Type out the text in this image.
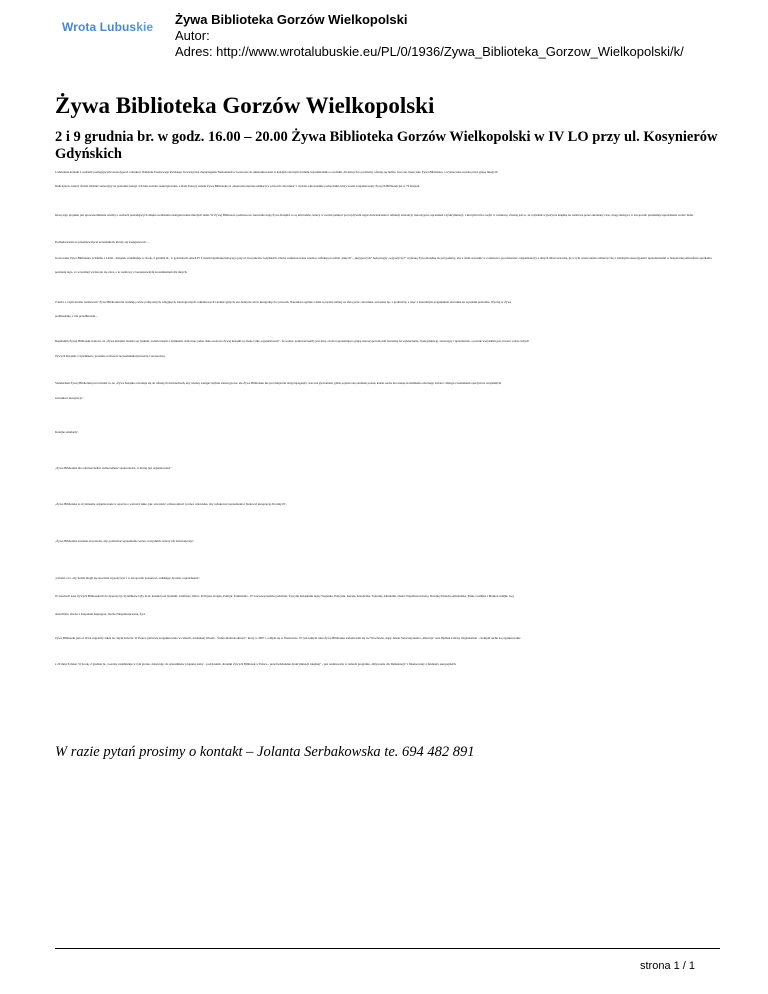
Wrota Lubuskie	Żywa Biblioteka Gorzów Wielkopolski
Autor:
Adres: http://www.wrotalubuskie.eu/PL/0/1936/Zywa_Biblioteka_Gorzow_Wielkopolski/k/
Żywa Biblioteka Gorzów Wielkopolski
2 i 9 grudnia br. w godz. 16.00 – 20.00 Żywa Biblioteka Gorzów Wielkopolski w IV LO przy ul. Kosynierów Gdyńskich

Codziennie kontakt z osobami podlegającymi stereotypowi członków Oddziału Terenowego Polskiego Towarzystwa Zapobiegania Narkomanii w Gorzowie do ukierunkowania w każdym obecnym formułę współdziałania z osobami, dla których to problemy oferują się ludzie. Jest one znana jako Żywa Biblioteka, a wyznaczona została przez grupę młodych

Duńczyków, którzy chcieli zmienić stereotypy na poziomie kolegi. Ich idea została zaakceptowana, a Rada Europy uznała Żywą Bibliotekę za „skuteczną metodę edukacji w prawach człowieka" i wydała odpowiednie podręczniki, który został zorganizowany Żywych Bibliotek już w 70 krajach.

Istotą tego projektu jest upowszechnianie wiedzy o osobach posiadających dzięki osobistemu zaangażowaniu młodych ludzi. W Żywej Bibliotece podstawowe znaczenie mają Żywe Książki: to są inni ludzie, którzy w swoim pamięci pod wpływem reguł doświadczenia i refleksji tolerancji, stereotypów, uprzedzeń i dyskryminacji, z którymi łatwo wejść w rozmowę. Zasadą jest to, że czytelnik wypożycza książkę na rozmowę przez określony czas, drogą dialogu i w ten sposób przełamuje uprzedzenia wobec ludzi.

Podziękowania za przedsięwzięcie uczestnikom, którzy się zaangażowali…

Gorzowska Żywa Biblioteka, ścisłemu z Ludzi - Książek, zadebiutuje w środę, 2 grudnia br., w gościnnych salach IV Liceum Ogólnokształcącego przy ul. Kosynierów Gdyńskich. Osoby zainteresowane wiedzą i refleksją na temat „innych", „nietypowych" będą mogły „wypożyczyć" wybraną Żywą Książkę na pół godziny, aby z nami uczestnić w rozmowie i porozmawiać. Organizatorzy z innych miast twierdzą, że w tym czasie można zmierzyć się z własnymi stereotypami i uprzedzeniami w bezpiecznej atmosferze spotkania.

poznanie tego, co wcześniej wydawało się obce, a te rozmowy z bezsensownym zrozumieniem dla innych.

Z kim i o czym można rozmawiać? Żywe Biblioteki nie realizują celów politycznych, religijnych, ideologicznych, reklamowych i komercyjnych, ani żadnych celów niezgodnych z prawem. Natomiast ogólnie z nimi są łączne tematy ze sferą praw człowieka, związane np. z godnością, a więc z naturalnym pragnieniem szacunku na wysokim poziomie. Wyczuj w Żywe

podniesienie, z nie przedmiotem...

Regulamin Żywej Biblioteki stanowi, że „Żywa Książka określa się tytułem, zwieńczonym z terminem, stanowiąc pełne dane osobowe Żywej Książki są znane tylko organizatorom". To ważne, ponieważ każdy jest inny, osoba reprezentująca grupę stereotypowaną lub narażoną na wykluczenie, dyskryminację, stereotypy i uprzedzenia, a przede wszystkim jest otwarta wobec innych

Żywych Książek i czytelników, powinna cechować się komunikatywnością i szczerością.

Standardem Żywej Biblioteki jest również to, że „Żywa Książka odwołuje się do własnych doświadczeń, aby wiedzą zastąpić mylnie stereotypowe, ale Żywa Biblioteka nie jest miejscem antypropagandy. Jest ona gwarantem, gdzie pojawia się zaufanie ponad, każda osoba ma szansę zrozumienia obecnego świata i dialogu z kontaktem opartym na wzajemnym

szacunku i akceptacji."

Kolejne standardy:

„Żywa Biblioteka ma odzwierciedlać różnorodność społeczności, w której jest organizowana"

„Żywa Biblioteka to wydarzenie organizowane w oparciu o wartości takie, jak: otwartość, różnorodność i prawa człowieka, aby redukować uprzedzenia i budować akceptację dla innych".

„Żywa Biblioteka zostanie otworzona, aby pozbawiać uprzedzenia wobec wszystkich, którzy ich doświadczają".

„Chodzi o to, aby ludzie mogli się naocznie wypożyczyć i w ten sposób poznawać, redukując dystans i uprzedzenia".

W zasobach nasz Żywych Bibliotekach do dyspozycji czytelników były m.in. książki pod tytułami: Grafitiarz, Kibic, Policjant, Książę, Polityk, Feministka - W Gorzowie będzie podobnie: Żywymi Książkami będą: Weganka, Policjant, Książę, Katoliczka, Tożsamy Alkoholik, Osoba Wspólnotowiczna, Dawniej Dziecko Alkoholika, Punk, Lesbijka i Matka Lesbijki, Gej,

Anarchista, Osoba z Zespołem Aspergera, Osoba Niepełnosprawna, Żyd.

Żywe Biblioteki już od 10 lat zagościły także na całym świecie. W Polsce pierwszą zorganizowano w ramach „Globalnej Wioski - Świata Różnorodności"; który w 2007 r. odbyła się w Warszawie. W tym samym roku Żywa Biblioteka zadomowiła się we Wrocławiu, dając dzieło Stowarzyszenia „Diversja" oraz Human Library Organisation - czempiń ruchu na organizowanie

z 20 innych miast. W środę, 2 grudnia br., Gorzów zadebiutuje w tym gronie, dołączając do uczestników projektu, który - pod hasłem „Kroniki Żywych Bibliotek w Polsce - przeciwdziałanie dyskryminacji lokalnej" - jest realizowany w ramach programu „Obywatele dla Demokracji" i finansowany z funduszy europejskich.

W razie pytań prosimy o kontakt – Jolanta Serbakowska te. 694 482 891

strona 1 / 1
